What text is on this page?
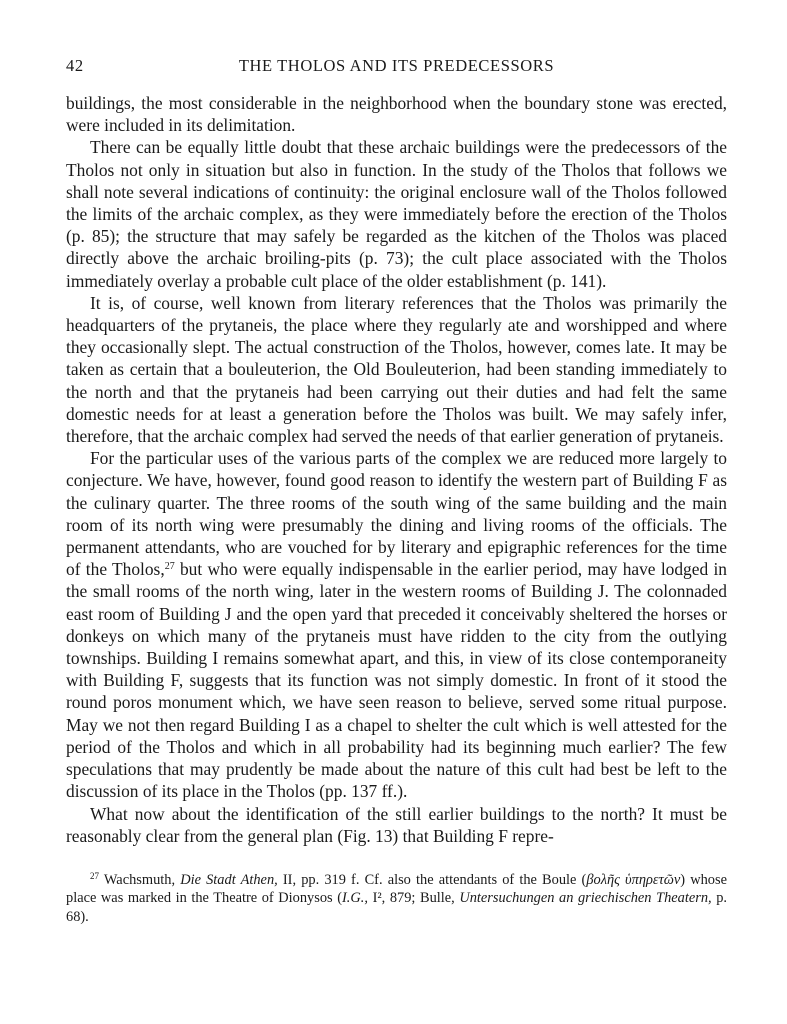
42	THE THOLOS AND ITS PREDECESSORS

buildings, the most considerable in the neighborhood when the boundary stone was erected, were included in its delimitation.

There can be equally little doubt that these archaic buildings were the predecessors of the Tholos not only in situation but also in function. In the study of the Tholos that follows we shall note several indications of continuity: the original enclosure wall of the Tholos followed the limits of the archaic complex, as they were immediately before the erection of the Tholos (p. 85); the structure that may safely be regarded as the kitchen of the Tholos was placed directly above the archaic broiling-pits (p. 73); the cult place associated with the Tholos immediately overlay a probable cult place of the older establishment (p. 141).

It is, of course, well known from literary references that the Tholos was primarily the headquarters of the prytaneis, the place where they regularly ate and worshipped and where they occasionally slept. The actual construction of the Tholos, however, comes late. It may be taken as certain that a bouleuterion, the Old Bouleuterion, had been standing immediately to the north and that the prytaneis had been carrying out their duties and had felt the same domestic needs for at least a generation before the Tholos was built. We may safely infer, therefore, that the archaic complex had served the needs of that earlier generation of prytaneis.

For the particular uses of the various parts of the complex we are reduced more largely to conjecture. We have, however, found good reason to identify the western part of Building F as the culinary quarter. The three rooms of the south wing of the same building and the main room of its north wing were presumably the dining and living rooms of the officials. The permanent attendants, who are vouched for by literary and epigraphic references for the time of the Tholos,$^{27}$ but who were equally indispensable in the earlier period, may have lodged in the small rooms of the north wing, later in the western rooms of Building J. The colonnaded east room of Building J and the open yard that preceded it conceivably sheltered the horses or donkeys on which many of the prytaneis must have ridden to the city from the outlying townships. Building I remains somewhat apart, and this, in view of its close contemporaneity with Building F, suggests that its function was not simply domestic. In front of it stood the round poros monument which, we have seen reason to believe, served some ritual purpose. May we not then regard Building I as a chapel to shelter the cult which is well attested for the period of the Tholos and which in all probability had its beginning much earlier? The few speculations that may prudently be made about the nature of this cult had best be left to the discussion of its place in the Tholos (pp. 137 ff.).

What now about the identification of the still earlier buildings to the north? It must be reasonably clear from the general plan (Fig. 13) that Building F repre-

$^{27}$ Wachsmuth, Die Stadt Athen, II, pp. 319 f. Cf. also the attendants of the Boule (βολῆς ὑπηρετῶν) whose place was marked in the Theatre of Dionysos (I.G., I², 879; Bulle, Untersuchungen an griechischen Theatern, p. 68).
